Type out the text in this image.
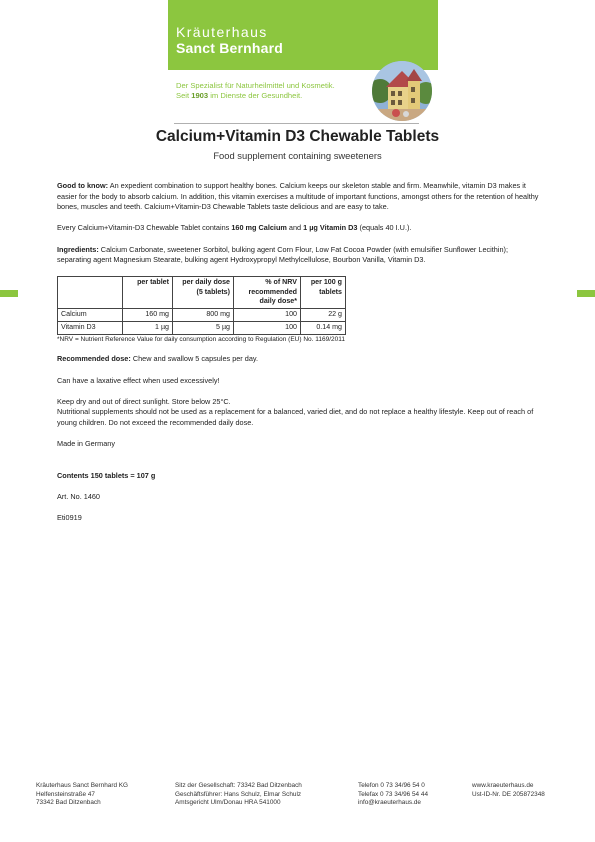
Kräuterhaus
Sanct Bernhard
Der Spezialist für Naturheilmittel und Kosmetik.
Seit 1903 im Dienste der Gesundheit.
Calcium+Vitamin D3 Chewable Tablets
Food supplement containing sweeteners

Good to know: An expedient combination to support healthy bones. Calcium keeps our skeleton stable and firm. Meanwhile, vitamin D3 makes it easier for the body to absorb calcium. In addition, this vitamin exercises a multitude of important functions, amongst others for the retention of healthy bones, muscles and teeth. Calcium+Vitamin-D3 Chewable Tablets taste delicious and are easy to take.

Every Calcium+Vitamin-D3 Chewable Tablet contains 160 mg Calcium and 1 µg Vitamin D3 (equals 40 I.U.).

Ingredients: Calcium Carbonate, sweetener Sorbitol, bulking agent Corn Flour, Low Fat Cocoa Powder (with emulsifier Sunflower Lecithin); separating agent Magnesium Stearate, bulking agent Hydroxypropyl Methylcellulose, Bourbon Vanilla, Vitamin D3.

	per tablet	per daily dose (5 tablets)	% of NRV recommended daily dose*	per 100 g tablets
Calcium	160 mg	800 mg	100	22 g
Vitamin D3	1 µg	5 µg	100	0.14 mg

*NRV = Nutrient Reference Value for daily consumption according to Regulation (EU) No. 1169/2011

Recommended dose: Chew and swallow 5 capsules per day.

Can have a laxative effect when used excessively!

Keep dry and out of direct sunlight. Store below 25°C.

Nutritional supplements should not be used as a replacement for a balanced, varied diet, and do not replace a healthy lifestyle. Keep out of reach of young children. Do not exceed the recommended daily dose.

Made in Germany

Contents 150 tablets = 107 g

Art. No. 1460

Eti0919

Kräuterhaus Sanct Bernhard KG
Helfensteinstraße 47
73342 Bad Ditzenbach
Sitz der Gesellschaft: 73342 Bad Ditzenbach
Geschäftsführer: Hans Schulz, Elmar Schulz
Amtsgericht Ulm/Donau HRA 541000
Telefon 0 73 34/96 54 0
Telefax 0 73 34/96 54 44
info@kraeuterhaus.de
www.kraeuterhaus.de
Ust-ID-Nr. DE 205872348
